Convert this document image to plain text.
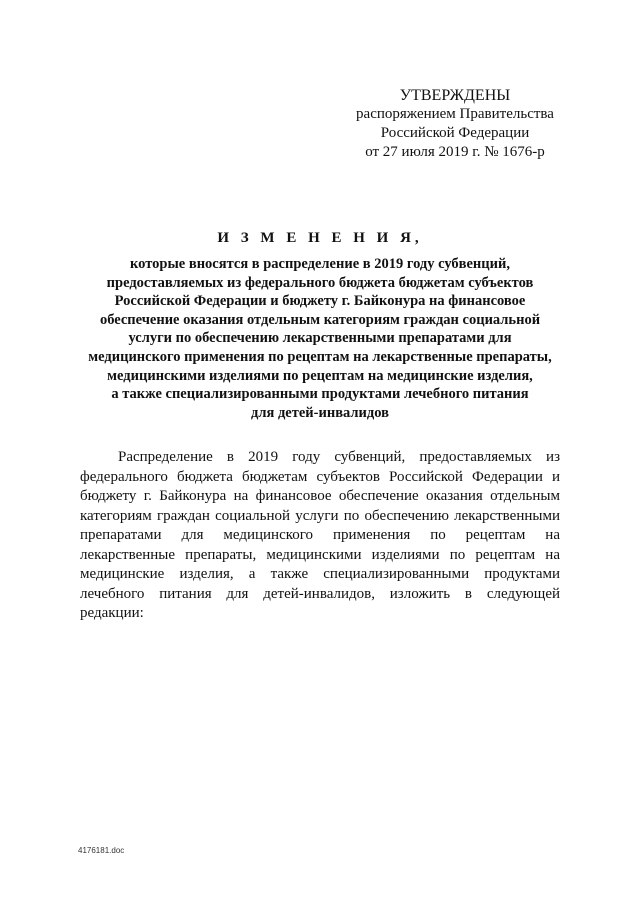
УТВЕРЖДЕНЫ
распоряжением Правительства
Российской Федерации
от 27 июля 2019 г. № 1676-р
И З М Е Н Е Н И Я,
которые вносятся в распределение в 2019 году субвенций,
предоставляемых из федерального бюджета бюджетам субъектов
Российской Федерации и бюджету г. Байконура на финансовое
обеспечение оказания отдельным категориям граждан социальной
услуги по обеспечению лекарственными препаратами для
медицинского применения по рецептам на лекарственные препараты,
медицинскими изделиями по рецептам на медицинские изделия,
а также специализированными продуктами лечебного питания
для детей-инвалидов

Распределение в 2019 году субвенций, предоставляемых из федерального бюджета бюджетам субъектов Российской Федерации и бюджету г. Байконура на финансовое обеспечение оказания отдельным категориям граждан социальной услуги по обеспечению лекарственными препаратами для медицинского применения по рецептам на лекарственные препараты, медицинскими изделиями по рецептам на медицинские изделия, а также специализированными продуктами лечебного питания для детей-инвалидов, изложить в следующей редакции:

4176181.doc
